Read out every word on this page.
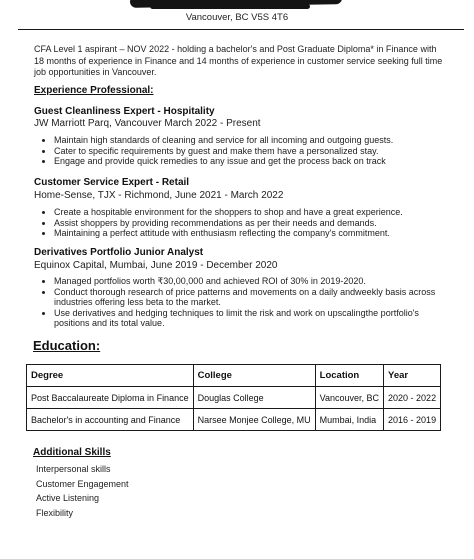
Vancouver, BC V5S 4T6
CFA Level 1 aspirant – NOV 2022 - holding a bachelor's and Post Graduate Diploma* in Finance with 18 months of experience in Finance and 14 months of experience in customer service seeking full time job opportunities in Vancouver.
Experience Professional:
Guest Cleanliness Expert - Hospitality
JW Marriott Parq, Vancouver March 2022 - Present
• Maintain high standards of cleaning and service for all incoming and outgoing guests.
• Cater to specific requirements by guest and make them have a personalized stay.
• Engage and provide quick remedies to any issue and get the process back on track
Customer Service Expert - Retail
Home-Sense, TJX - Richmond, June 2021 - March 2022
• Create a hospitable environment for the shoppers to shop and have a great experience.
• Assist shoppers by providing recommendations as per their needs and demands.
• Maintaining a perfect attitude with enthusiasm reflecting the company's commitment.
Derivatives Portfolio Junior Analyst
Equinox Capital, Mumbai, June 2019 - December 2020
• Managed portfolios worth ₹30,00,000 and achieved ROI of 30% in 2019-2020.
• Conduct thorough research of price patterns and movements on a daily andweekly basis across industries offering less beta to the market.
• Use derivatives and hedging techniques to limit the risk and work on upscalingthe portfolio's positions and its total value.
Education:
Degree	College	Location	Year
Post Baccalaureate Diploma in Finance	Douglas College	Vancouver, BC	2020 - 2022
Bachelor's in accounting and Finance	Narsee Monjee College, MU	Mumbai, India	2016 - 2019
Additional Skills
Interpersonal skills
Customer Engagement
Active Listening
Flexibility
